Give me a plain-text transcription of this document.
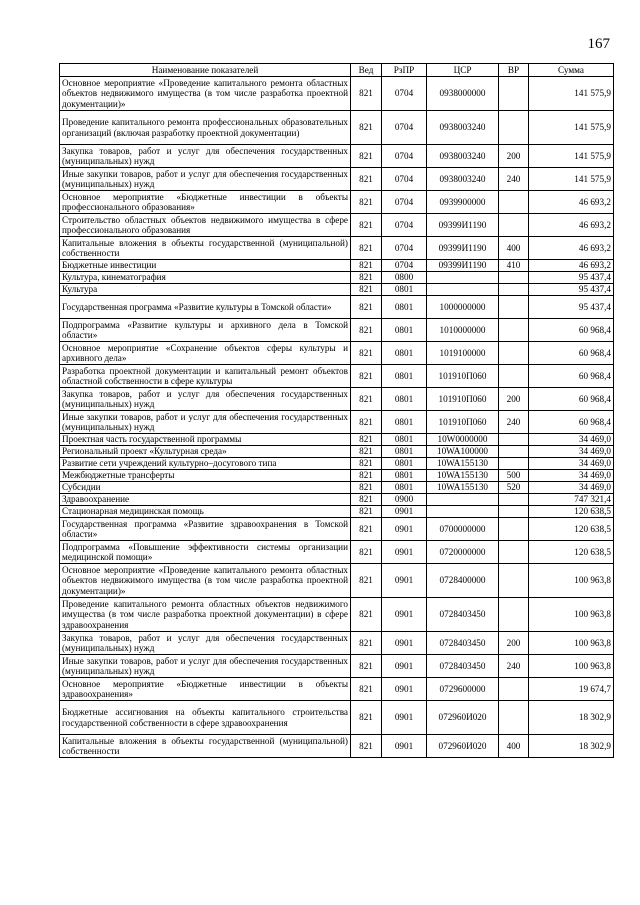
167
Наименование показателей	Вед	РзПР	ЦСР	ВР	Сумма
Основное мероприятие «Проведение капитального ремонта областных объектов недвижимого имущества (в том числе разработка проектной документации)»	821	0704	0938000000		141 575,9
Проведение капитального ремонта профессиональных образовательных организаций (включая разработку проектной документации)	821	0704	0938003240		141 575,9
Закупка товаров, работ и услуг для обеспечения государственных (муниципальных) нужд	821	0704	0938003240	200	141 575,9
Иные закупки товаров, работ и услуг для обеспечения государственных (муниципальных) нужд	821	0704	0938003240	240	141 575,9
Основное мероприятие «Бюджетные инвестиции в объекты профессионального образования»	821	0704	0939900000		46 693,2
Строительство областных объектов недвижимого имущества в сфере профессионального образования	821	0704	09399И1190		46 693,2
Капитальные вложения в объекты государственной (муниципальной) собственности	821	0704	09399И1190	400	46 693,2
Бюджетные инвестиции	821	0704	09399И1190	410	46 693,2
Культура, кинематография	821	0800			95 437,4
Культура	821	0801			95 437,4
Государственная программа «Развитие культуры в Томской области»	821	0801	1000000000		95 437,4
Подпрограмма «Развитие культуры и архивного дела в Томской области»	821	0801	1010000000		60 968,4
Основное мероприятие «Сохранение объектов сферы культуры и архивного дела»	821	0801	1019100000		60 968,4
Разработка проектной документации и капитальный ремонт объектов областной собственности в сфере культуры	821	0801	101910П060		60 968,4
Закупка товаров, работ и услуг для обеспечения государственных (муниципальных) нужд	821	0801	101910П060	200	60 968,4
Иные закупки товаров, работ и услуг для обеспечения государственных (муниципальных) нужд	821	0801	101910П060	240	60 968,4
Проектная часть государственной программы	821	0801	10W0000000		34 469,0
Региональный проект «Культурная среда»	821	0801	10WA100000		34 469,0
Развитие сети учреждений культурно–досугового типа	821	0801	10WA155130		34 469,0
Межбюджетные трансферты	821	0801	10WA155130	500	34 469,0
Субсидии	821	0801	10WA155130	520	34 469,0
Здравоохранение	821	0900			747 321,4
Стационарная медицинская помощь	821	0901			120 638,5
Государственная программа «Развитие здравоохранения в Томской области»	821	0901	0700000000		120 638,5
Подпрограмма «Повышение эффективности системы организации медицинской помощи»	821	0901	0720000000		120 638,5
Основное мероприятие «Проведение капитального ремонта областных объектов недвижимого имущества (в том числе разработка проектной документации)»	821	0901	0728400000		100 963,8
Проведение капитального ремонта областных объектов недвижимого имущества (в том числе разработка проектной документации) в сфере здравоохранения	821	0901	0728403450		100 963,8
Закупка товаров, работ и услуг для обеспечения государственных (муниципальных) нужд	821	0901	0728403450	200	100 963,8
Иные закупки товаров, работ и услуг для обеспечения государственных (муниципальных) нужд	821	0901	0728403450	240	100 963,8
Основное мероприятие «Бюджетные инвестиции в объекты здравоохранения»	821	0901	0729600000		19 674,7
Бюджетные ассигнования на объекты капитального строительства государственной собственности в сфере здравоохранения	821	0901	072960И020		18 302,9
Капитальные вложения в объекты государственной (муниципальной) собственности	821	0901	072960И020	400	18 302,9
